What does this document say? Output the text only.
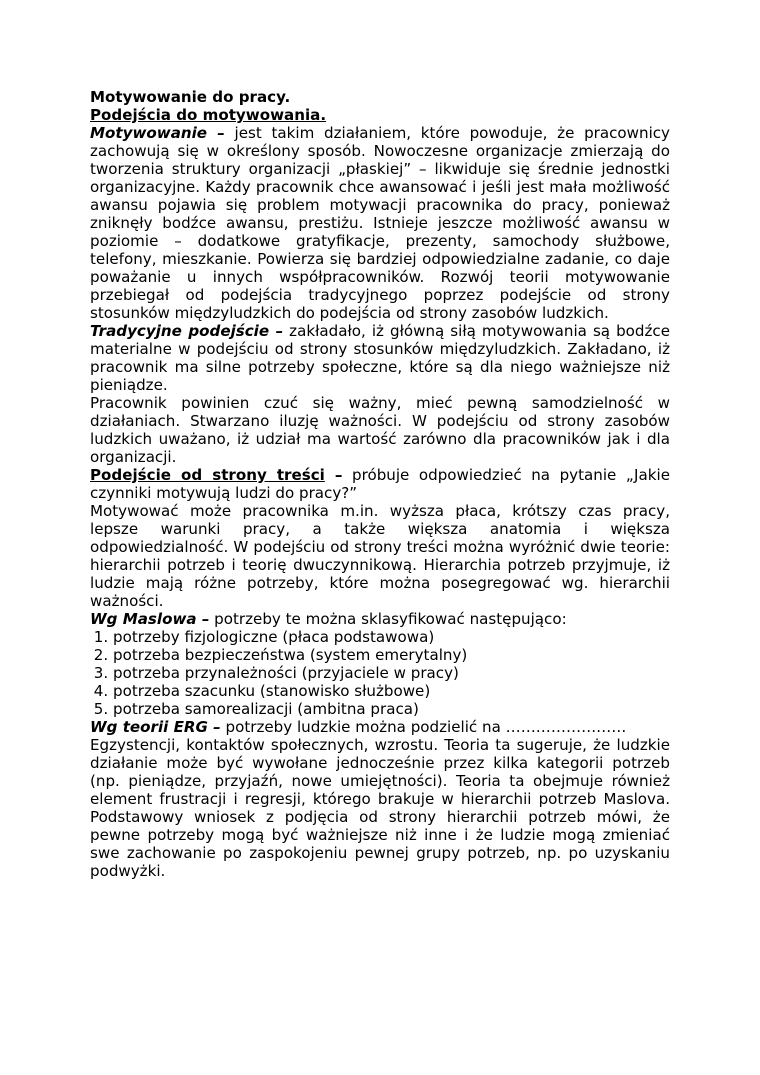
Motywowanie do pracy.

Podejścia do motywowania.

Motywowanie – jest takim działaniem, które powoduje, że pracownicy zachowują się w określony sposób. Nowoczesne organizacje zmierzają do tworzenia struktury organizacji „płaskiej” – likwiduje się średnie jednostki organizacyjne. Każdy pracownik chce awansować i jeśli jest mała możliwość awansu pojawia się problem motywacji pracownika do pracy, ponieważ zniknęły bodźce awansu, prestiżu. Istnieje jeszcze możliwość awansu w poziomie – dodatkowe gratyfikacje, prezenty, samochody służbowe, telefony, mieszkanie. Powierza się bardziej odpowiedzialne zadanie, co daje poważanie u innych współpracowników. Rozwój teorii motywowanie przebiegał od podejścia tradycyjnego poprzez podejście od strony stosunków międzyludzkich do podejścia od strony zasobów ludzkich.

Tradycyjne podejście – zakładało, iż główną siłą motywowania są bodźce materialne w podejściu od strony stosunków międzyludzkich. Zakładano, iż pracownik ma silne potrzeby społeczne, które są dla niego ważniejsze niż pieniądze.

Pracownik powinien czuć się ważny, mieć pewną samodzielność w działaniach. Stwarzano iluzję ważności. W podejściu od strony zasobów ludzkich uważano, iż udział ma wartość zarówno dla pracowników jak i dla organizacji.

Podejście od strony treści – próbuje odpowiedzieć na pytanie „Jakie czynniki motywują ludzi do pracy?”

Motywować może pracownika m.in. wyższa płaca, krótszy czas pracy, lepsze warunki pracy, a także większa anatomia i większa odpowiedzialność. W podejściu od strony treści można wyróżnić dwie teorie: hierarchii potrzeb i teorię dwuczynnikową. Hierarchia potrzeb przyjmuje, iż ludzie mają różne potrzeby, które można posegregować wg. hierarchii ważności.

Wg Maslowa – potrzeby te można sklasyfikować następująco:

1. potrzeby fizjologiczne (płaca podstawowa)
2. potrzeba bezpieczeństwa (system emerytalny)
3. potrzeba przynależności (przyjaciele w pracy)
4. potrzeba szacunku (stanowisko służbowe)
5. potrzeba samorealizacji (ambitna praca)

Wg teorii ERG – potrzeby ludzkie można podzielić na ……………………

Egzystencji, kontaktów społecznych, wzrostu. Teoria ta sugeruje, że ludzkie działanie może być wywołane jednocześnie przez kilka kategorii potrzeb (np. pieniądze, przyjaźń, nowe umiejętności). Teoria ta obejmuje również element frustracji i regresji, którego brakuje w hierarchii potrzeb Maslova. Podstawowy wniosek z podjęcia od strony hierarchii potrzeb mówi, że pewne potrzeby mogą być ważniejsze niż inne i że ludzie mogą zmieniać swe zachowanie po zaspokojeniu pewnej grupy potrzeb, np. po uzyskaniu podwyżki.
